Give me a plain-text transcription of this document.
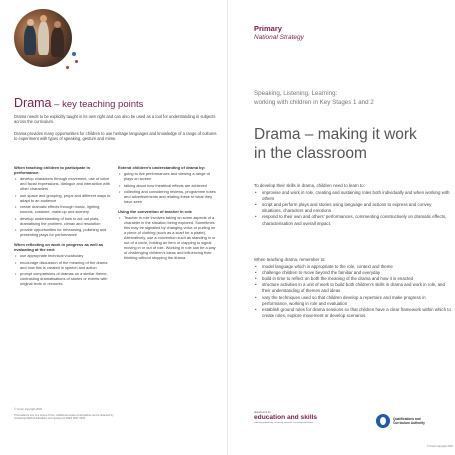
Drama – key teaching points

Drama needs to be explicitly taught in its own right and can also be used as a tool for understanding in subjects across the curriculum.

Drama provides many opportunities for children to use heritage languages and knowledge of a range of cultures to experiment with types of speaking, gesture and mime.

When teaching children to participate in performance:
• develop characters through movement, use of voice and facial expressions, dialogue and interaction with other characters
• use space and grouping, props and different ways to adapt to an audience
• create dramatic effects through music, lighting, sounds, costume, make-up and scenery
• develop understanding of how to act out plots, dramatising the problem, climax and resolution
• provide opportunities for rehearsing, polishing and presenting plays for performance
When reflecting on work in progress as well as evaluating at the end:
• use appropriate technical vocabulary
• encourage discussion of the meaning of the drama and how this is created in speech and action
• prompt comparisons of dramas on a similar theme, contrasting dramatisations of stories or events with original texts or recounts.
Extend children's understanding of drama by:
• going to live performances and viewing a range of plays on screen
• talking about how theatrical effects are achieved
• collecting and considering reviews, programme notes and advertisements and relating these to what they have seen
Using the convention of teacher in role
• Teacher in role involves taking on some aspects of a character in the situation being explored. Sometimes this may be signalled by changing voice or putting on a piece of clothing (such as a scarf for a pirate). Alternatively, use a convention such as standing in or out of a circle, holding an item or clapping to signal moving in or out of role. Working in role can be a way of challenging children's ideas and influencing their thinking without stopping the drama.
© Crown copyright 2003
This leaflet is one of a series of four. Additional copies of all leaflets can be obtained by contacting DfES Publications and quoting ref DfES 0627 2003
Primary
National Strategy
Speaking, Listening, Learning:
working with children in Key Stages 1 and 2
Drama – making it work
in the classroom

To develop their skills in drama, children need to learn to:

• improvise and work in role, creating and sustaining roles both individually and when working with others
• script and perform plays and stories using language and actions to express and convey situations, characters and emotions
• respond to their own and others' performances, commenting constructively on dramatic effects, characterisation and overall impact.

When teaching drama, remember to:

• model language which is appropriate to the role, context and theme
• challenge children to move beyond the familiar and everyday
• build in time to reflect on both the meaning of the drama and how it is enacted
• structure activities in a unit of work to build both children's skills in drama and work in role, and their understanding of themes and ideas
• vary the techniques used so that children develop a repertoire and make progress in performance, working in role and evaluation
• establish ground rules for drama sessions so that children have a clear framework within which to create roles, explore movement or develop scenarios.
department for
education and skills
creating opportunity, releasing potential, achieving excellence
Qualifications and
Curriculum Authority
© Crown copyright 2003
